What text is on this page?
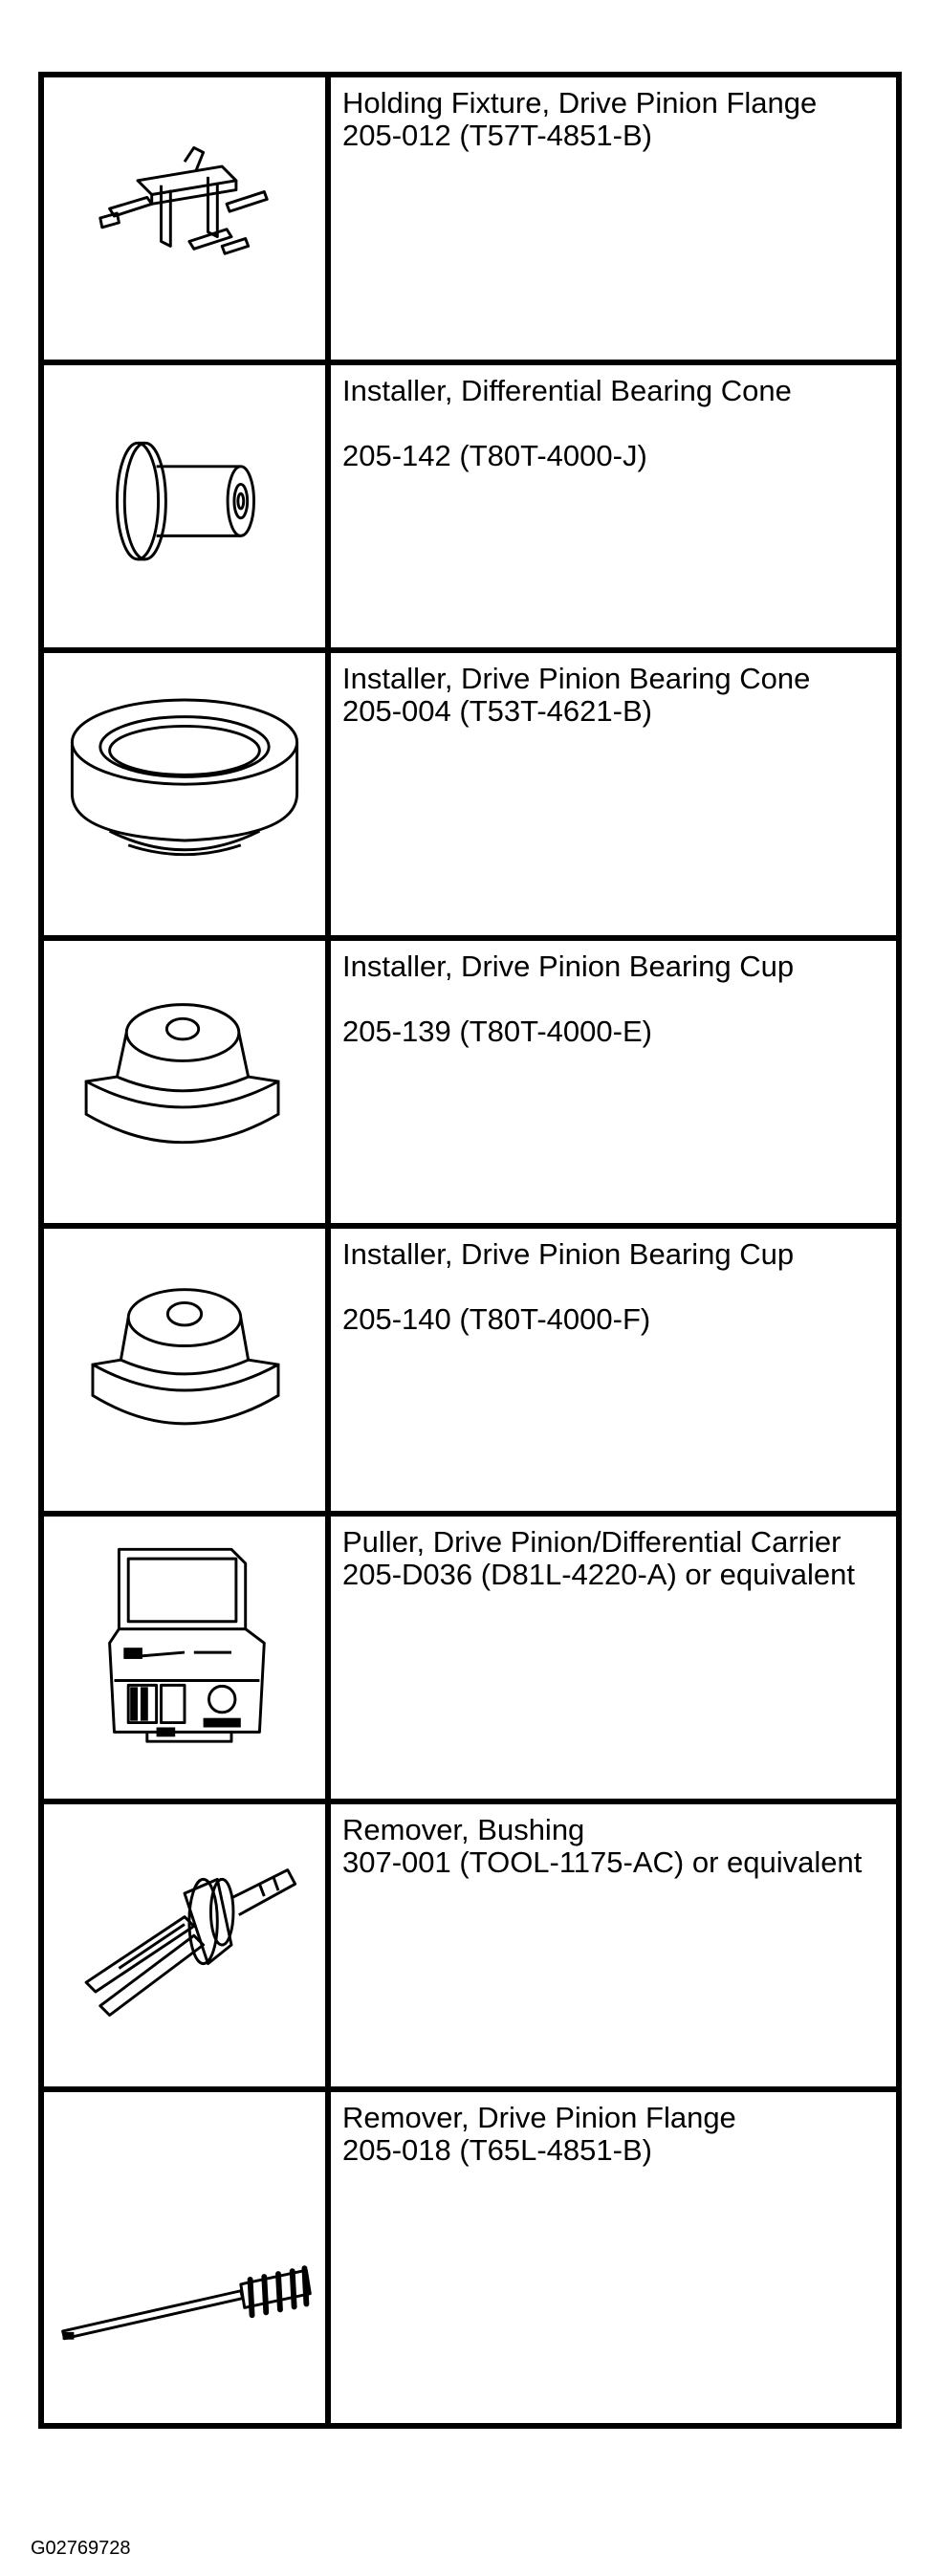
Holding Fixture, Drive Pinion Flange

205-012 (T57T-4851-B)

Installer, Differential Bearing Cone

205-142 (T80T-4000-J)

Installer, Drive Pinion Bearing Cone

205-004 (T53T-4621-B)

Installer, Drive Pinion Bearing Cup

205-139 (T80T-4000-E)

Installer, Drive Pinion Bearing Cup

205-140 (T80T-4000-F)

Puller, Drive Pinion/Differential Carrier

205-D036 (D81L-4220-A) or equivalent

Remover, Bushing

307-001 (TOOL-1175-AC) or equivalent

Remover, Drive Pinion Flange

205-018 (T65L-4851-B)

G02769728
